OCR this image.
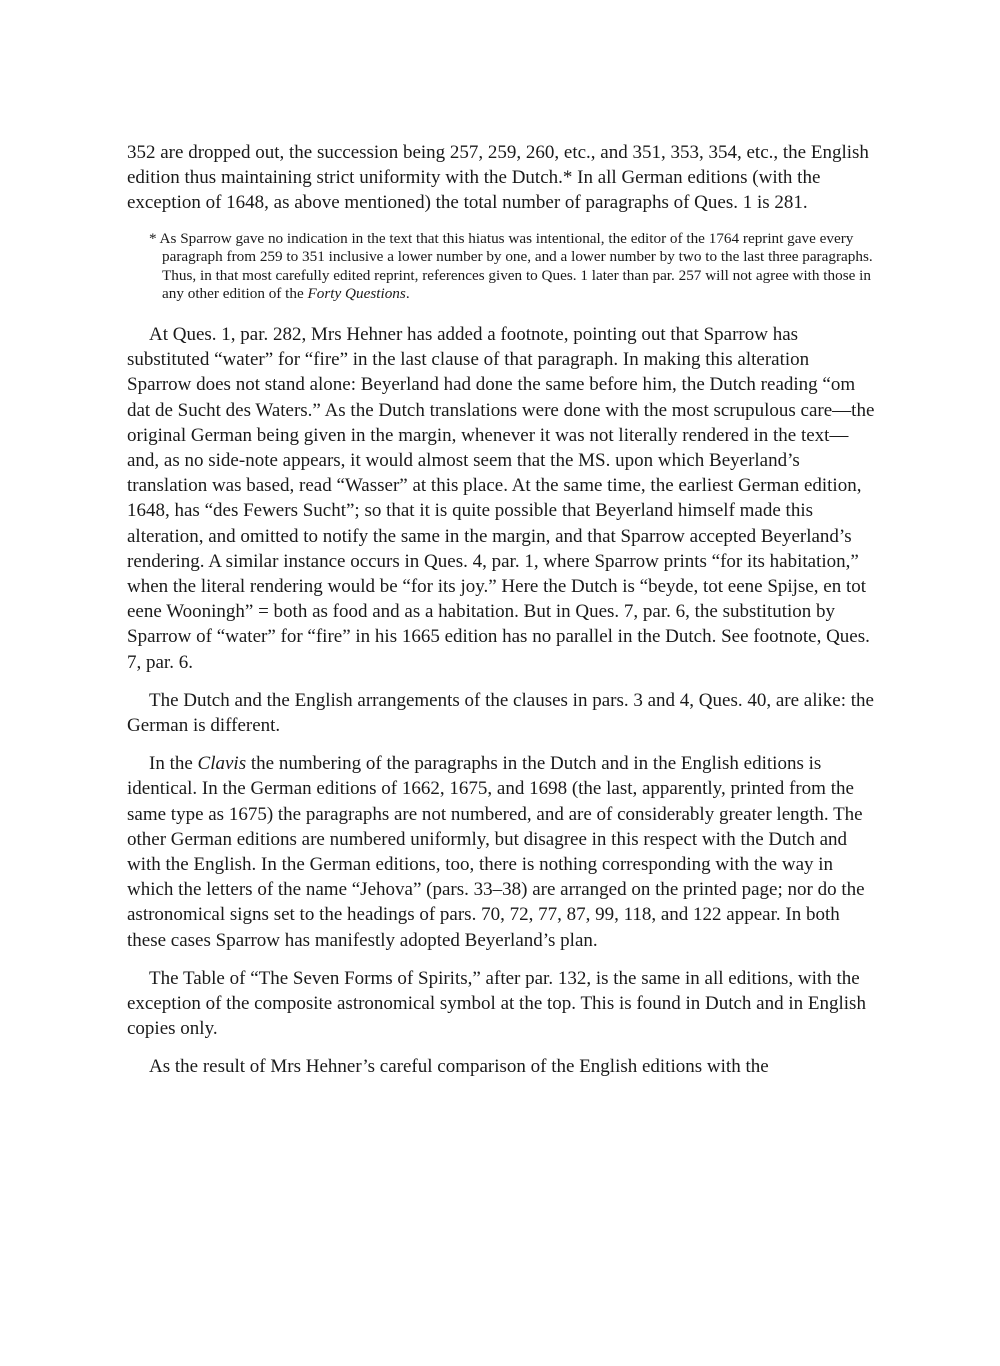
352 are dropped out, the succession being 257, 259, 260, etc., and 351, 353, 354, etc., the English edition thus maintaining strict uniformity with the Dutch.* In all German editions (with the exception of 1648, as above mentioned) the total number of paragraphs of Ques. 1 is 281.

* As Sparrow gave no indication in the text that this hiatus was intentional, the editor of the 1764 reprint gave every paragraph from 259 to 351 inclusive a lower number by one, and a lower number by two to the last three paragraphs. Thus, in that most carefully edited reprint, references given to Ques. 1 later than par. 257 will not agree with those in any other edition of the Forty Questions.

At Ques. 1, par. 282, Mrs Hehner has added a footnote, pointing out that Sparrow has substituted “water” for “fire” in the last clause of that paragraph. In making this alteration Sparrow does not stand alone: Beyerland had done the same before him, the Dutch reading “om dat de Sucht des Waters.” As the Dutch translations were done with the most scrupulous care—the original German being given in the margin, whenever it was not literally rendered in the text—and, as no side-note appears, it would almost seem that the MS. upon which Beyerland’s translation was based, read “Wasser” at this place. At the same time, the earliest German edition, 1648, has “des Fewers Sucht”; so that it is quite possible that Beyerland himself made this alteration, and omitted to notify the same in the margin, and that Sparrow accepted Beyerland’s rendering. A similar instance occurs in Ques. 4, par. 1, where Sparrow prints “for its habitation,” when the literal rendering would be “for its joy.” Here the Dutch is “beyde, tot eene Spijse, en tot eene Wooningh” = both as food and as a habitation. But in Ques. 7, par. 6, the substitution by Sparrow of “water” for “fire” in his 1665 edition has no parallel in the Dutch. See footnote, Ques. 7, par. 6.

The Dutch and the English arrangements of the clauses in pars. 3 and 4, Ques. 40, are alike: the German is different.

In the Clavis the numbering of the paragraphs in the Dutch and in the English editions is identical. In the German editions of 1662, 1675, and 1698 (the last, apparently, printed from the same type as 1675) the paragraphs are not numbered, and are of considerably greater length. The other German editions are numbered uniformly, but disagree in this respect with the Dutch and with the English. In the German editions, too, there is nothing corresponding with the way in which the letters of the name “Jehova” (pars. 33–38) are arranged on the printed page; nor do the astronomical signs set to the headings of pars. 70, 72, 77, 87, 99, 118, and 122 appear. In both these cases Sparrow has manifestly adopted Beyerland’s plan.

The Table of “The Seven Forms of Spirits,” after par. 132, is the same in all editions, with the exception of the composite astronomical symbol at the top. This is found in Dutch and in English copies only.

As the result of Mrs Hehner’s careful comparison of the English editions with the
